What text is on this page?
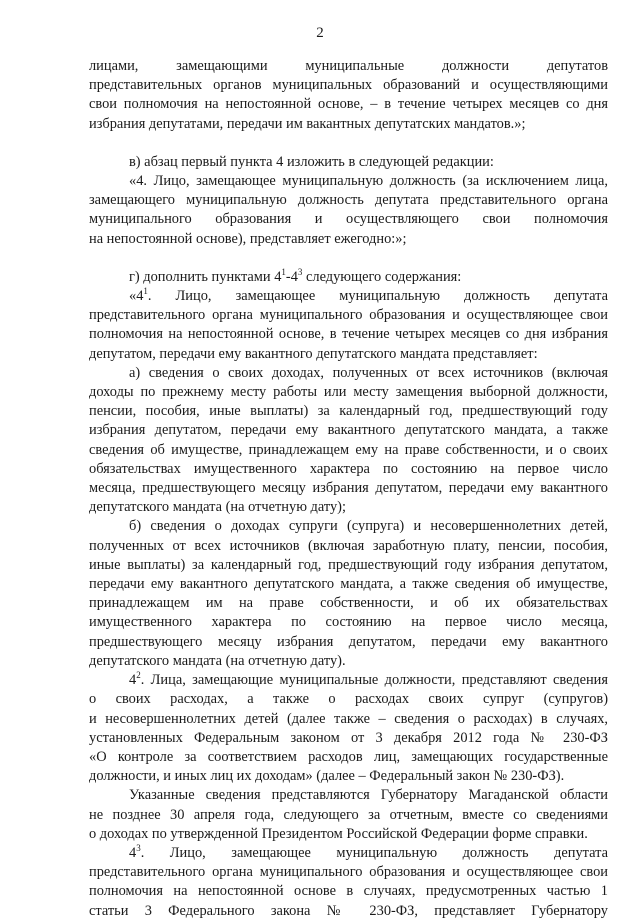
2

лицами, замещающими муниципальные должности депутатов

представительных органов муниципальных образований и осуществляющими

свои полномочия на непостоянной основе, – в течение четырех месяцев со дня

избрания депутатами, передачи им вакантных депутатских мандатов.»;

в) абзац первый пункта 4 изложить в следующей редакции:

«4. Лицо, замещающее муниципальную должность (за исключением лица,

замещающего муниципальную должность депутата представительного органа

муниципального образования и осуществляющего свои полномочия

на непостоянной основе), представляет ежегодно:»;

г) дополнить пунктами $4^1-4^3$ следующего содержания:

«$4^1$. Лицо, замещающее муниципальную должность депутата

представительного органа муниципального образования и осуществляющее свои

полномочия на непостоянной основе, в течение четырех месяцев со дня избрания

депутатом, передачи ему вакантного депутатского мандата представляет:

а) сведения о своих доходах, полученных от всех источников (включая

доходы по прежнему месту работы или месту замещения выборной должности,

пенсии, пособия, иные выплаты) за календарный год, предшествующий году

избрания депутатом, передачи ему вакантного депутатского мандата, а также

сведения об имуществе, принадлежащем ему на праве собственности, и о своих

обязательствах имущественного характера по состоянию на первое число

месяца, предшествующего месяцу избрания депутатом, передачи ему вакантного

депутатского мандата (на отчетную дату);

б) сведения о доходах супруги (супруга) и несовершеннолетних детей,

полученных от всех источников (включая заработную плату, пенсии, пособия,

иные выплаты) за календарный год, предшествующий году избрания депутатом,

передачи ему вакантного депутатского мандата, а также сведения об имуществе,

принадлежащем им на праве собственности, и об их обязательствах

имущественного характера по состоянию на первое число месяца,

предшествующего месяцу избрания депутатом, передачи ему вакантного

депутатского мандата (на отчетную дату).

$4^2$. Лица, замещающие муниципальные должности, представляют сведения

о своих расходах, а также о расходах своих супруг (супругов)

и несовершеннолетних детей (далее также – сведения о расходах) в случаях,

установленных Федеральным законом от 3 декабря 2012 года № 230-ФЗ

«О контроле за соответствием расходов лиц, замещающих государственные

должности, и иных лиц их доходам» (далее – Федеральный закон № 230-ФЗ).

Указанные сведения представляются Губернатору Магаданской области

не позднее 30 апреля года, следующего за отчетным, вместе со сведениями

о доходах по утвержденной Президентом Российской Федерации форме справки.

$4^3$. Лицо, замещающее муниципальную должность депутата

представительного органа муниципального образования и осуществляющее свои

полномочия на непостоянной основе в случаях, предусмотренных частью 1

статьи 3 Федерального закона № 230-ФЗ, представляет Губернатору
